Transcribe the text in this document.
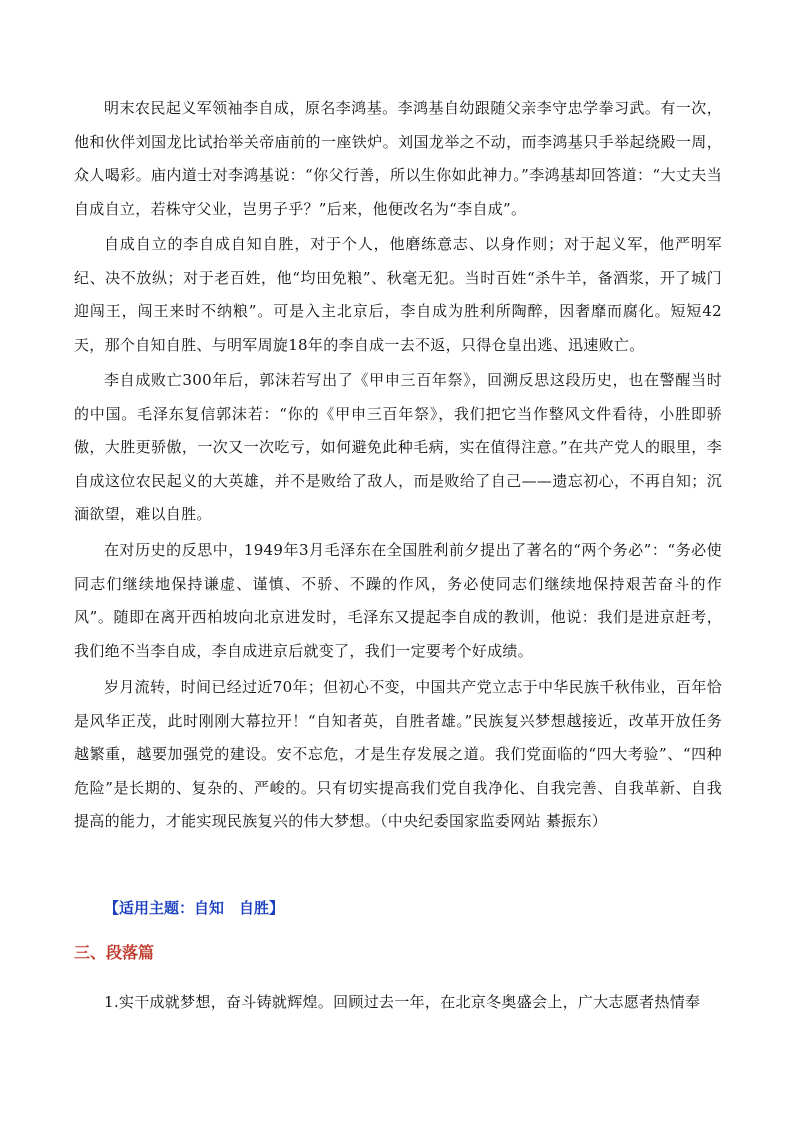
明末农民起义军领袖李自成，原名李鸿基。李鸿基自幼跟随父亲李守忠学拳习武。有一次，他和伙伴刘国龙比试抬举关帝庙前的一座铁炉。刘国龙举之不动，而李鸿基只手举起绕殿一周，众人喝彩。庙内道士对李鸿基说：“你父行善，所以生你如此神力。”李鸿基却回答道：“大丈夫当自成自立，若株守父业，岂男子乎？”后来，他便改名为“李自成”。

自成自立的李自成自知自胜，对于个人，他磨练意志、以身作则；对于起义军，他严明军纪、决不放纵；对于老百姓，他“均田免粮”、秋毫无犯。当时百姓“杀牛羊，备酒浆，开了城门迎闯王，闯王来时不纳粮”。可是入主北京后，李自成为胜利所陶醉，因奢靡而腐化。短短42天，那个自知自胜、与明军周旋18年的李自成一去不返，只得仓皇出逃、迅速败亡。

李自成败亡300年后，郭沫若写出了《甲申三百年祭》，回溯反思这段历史，也在警醒当时的中国。毛泽东复信郭沫若：“你的《甲申三百年祭》，我们把它当作整风文件看待，小胜即骄傲，大胜更骄傲，一次又一次吃亏，如何避免此种毛病，实在值得注意。”在共产党人的眼里，李自成这位农民起义的大英雄，并不是败给了敌人，而是败给了自己——遗忘初心，不再自知；沉湎欲望，难以自胜。

在对历史的反思中，1949年3月毛泽东在全国胜利前夕提出了著名的“两个务必”：“务必使同志们继续地保持谦虚、谨慎、不骄、不躁的作风，务必使同志们继续地保持艰苦奋斗的作风”。随即在离开西柏坡向北京进发时，毛泽东又提起李自成的教训，他说：我们是进京赶考，我们绝不当李自成，李自成进京后就变了，我们一定要考个好成绩。

岁月流转，时间已经过近70年；但初心不变，中国共产党立志于中华民族千秋伟业，百年恰是风华正茂，此时刚刚大幕拉开！“自知者英，自胜者雄。”民族复兴梦想越接近，改革开放任务越繁重，越要加强党的建设。安不忘危，才是生存发展之道。我们党面临的“四大考验”、“四种危险”是长期的、复杂的、严峻的。只有切实提高我们党自我净化、自我完善、自我革新、自我提高的能力，才能实现民族复兴的伟大梦想。（中央纪委国家监委网站 綦振东）

【适用主题：自知　自胜】

三、段落篇

1.实干成就梦想，奋斗铸就辉煌。回顾过去一年，在北京冬奥盛会上，广大志愿者热情奉
